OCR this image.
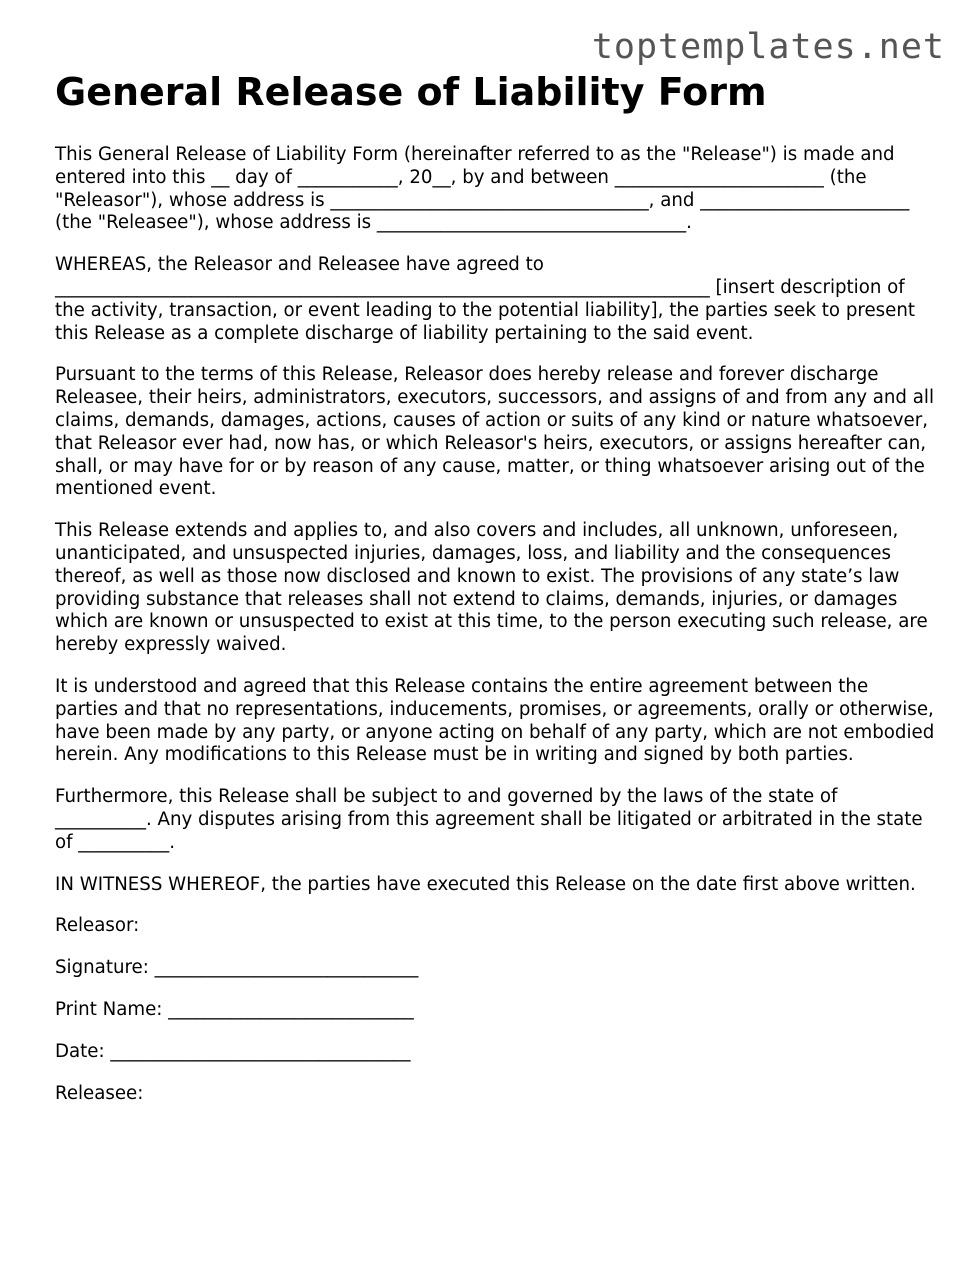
toptemplates.net
General Release of Liability Form

This General Release of Liability Form (hereinafter referred to as the "Release") is made and entered into this __ day of ___________, 20__, by and between _______________________ (the "Releasor"), whose address is ___________________________________, and _______________________ (the "Releasee"), whose address is __________________________________.

WHEREAS, the Releasor and Releasee have agreed to
________________________________________________________________________ [insert description of the activity, transaction, or event leading to the potential liability], the parties seek to present this Release as a complete discharge of liability pertaining to the said event.

Pursuant to the terms of this Release, Releasor does hereby release and forever discharge Releasee, their heirs, administrators, executors, successors, and assigns of and from any and all claims, demands, damages, actions, causes of action or suits of any kind or nature whatsoever, that Releasor ever had, now has, or which Releasor's heirs, executors, or assigns hereafter can, shall, or may have for or by reason of any cause, matter, or thing whatsoever arising out of the mentioned event.

This Release extends and applies to, and also covers and includes, all unknown, unforeseen, unanticipated, and unsuspected injuries, damages, loss, and liability and the consequences thereof, as well as those now disclosed and known to exist. The provisions of any state’s law providing substance that releases shall not extend to claims, demands, injuries, or damages which are known or unsuspected to exist at this time, to the person executing such release, are hereby expressly waived.

It is understood and agreed that this Release contains the entire agreement between the parties and that no representations, inducements, promises, or agreements, orally or otherwise, have been made by any party, or anyone acting on behalf of any party, which are not embodied herein. Any modifications to this Release must be in writing and signed by both parties.

Furthermore, this Release shall be subject to and governed by the laws of the state of __________. Any disputes arising from this agreement shall be litigated or arbitrated in the state of __________.

IN WITNESS WHEREOF, the parties have executed this Release on the date first above written.

Releasor:
Signature: _____________________________
Print Name: ___________________________
Date: _________________________________
Releasee:
